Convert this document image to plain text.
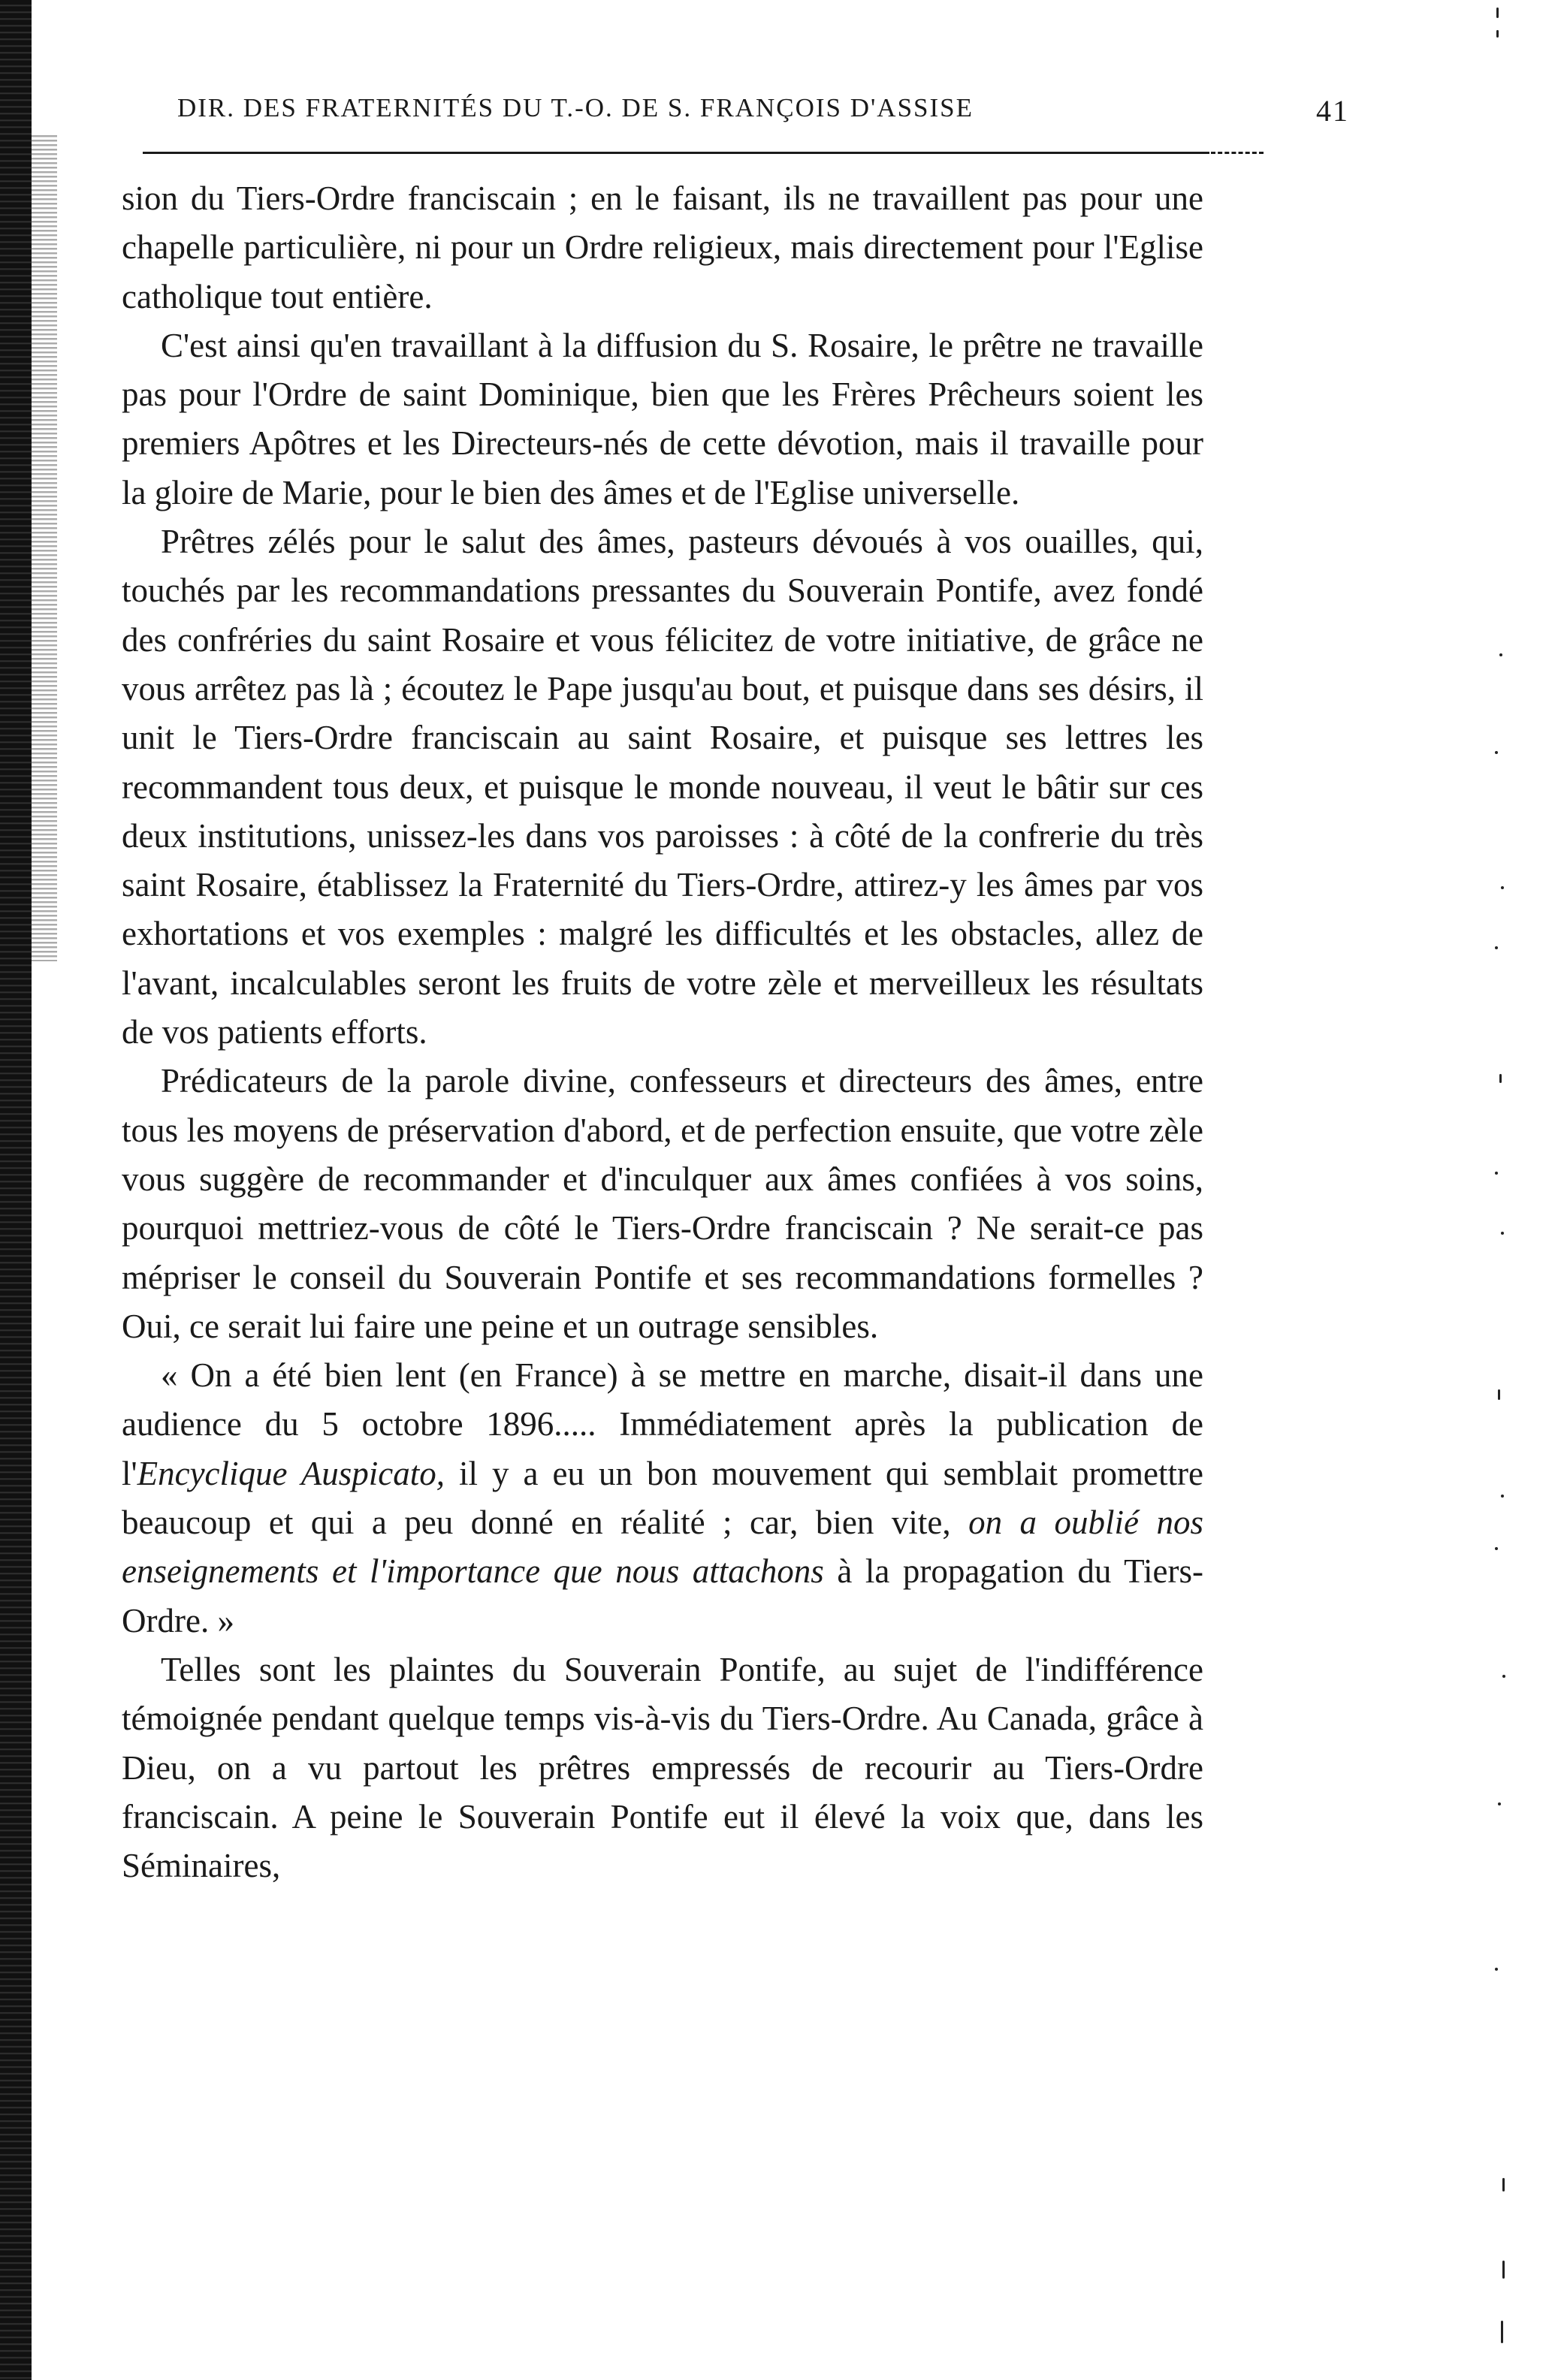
DIR. DES FRATERNITÉS DU T.-O. DE S. FRANÇOIS D'ASSISE	41

sion du Tiers-Ordre franciscain ; en le faisant, ils ne travaillent pas pour une chapelle particulière, ni pour un Ordre religieux, mais directement pour l'Eglise catholique tout entière.

C'est ainsi qu'en travaillant à la diffusion du S. Rosaire, le prêtre ne travaille pas pour l'Ordre de saint Dominique, bien que les Frères Prêcheurs soient les premiers Apôtres et les Directeurs-nés de cette dévotion, mais il travaille pour la gloire de Marie, pour le bien des âmes et de l'Eglise universelle.

Prêtres zélés pour le salut des âmes, pasteurs dévoués à vos ouailles, qui, touchés par les recommandations pressantes du Souverain Pontife, avez fondé des confréries du saint Rosaire et vous félicitez de votre initiative, de grâce ne vous arrêtez pas là ; écoutez le Pape jusqu'au bout, et puisque dans ses désirs, il unit le Tiers-Ordre franciscain au saint Rosaire, et puisque ses lettres les recommandent tous deux, et puisque le monde nouveau, il veut le bâtir sur ces deux institutions, unissez-les dans vos paroisses : à côté de la confrerie du très saint Rosaire, établissez la Fraternité du Tiers-Ordre, attirez-y les âmes par vos exhortations et vos exemples : malgré les difficultés et les obstacles, allez de l'avant, incalculables seront les fruits de votre zèle et merveilleux les résultats de vos patients efforts.

Prédicateurs de la parole divine, confesseurs et directeurs des âmes, entre tous les moyens de préservation d'abord, et de perfection ensuite, que votre zèle vous suggère de recommander et d'inculquer aux âmes confiées à vos soins, pourquoi mettriez-vous de côté le Tiers-Ordre franciscain ? Ne serait-ce pas mépriser le conseil du Souverain Pontife et ses recommandations formelles ? Oui, ce serait lui faire une peine et un outrage sensibles.

« On a été bien lent (en France) à se mettre en marche, disait-il dans une audience du 5 octobre 1896..... Immédiatement après la publication de l'Encyclique Auspicato, il y a eu un bon mouvement qui semblait promettre beaucoup et qui a peu donné en réalité ; car, bien vite, on a oublié nos enseignements et l'importance que nous attachons à la propagation du Tiers-Ordre. »

Telles sont les plaintes du Souverain Pontife, au sujet de l'indifférence témoignée pendant quelque temps vis-à-vis du Tiers-Ordre. Au Canada, grâce à Dieu, on a vu partout les prêtres empressés de recourir au Tiers-Ordre franciscain. A peine le Souverain Pontife eut il élevé la voix que, dans les Séminaires,
